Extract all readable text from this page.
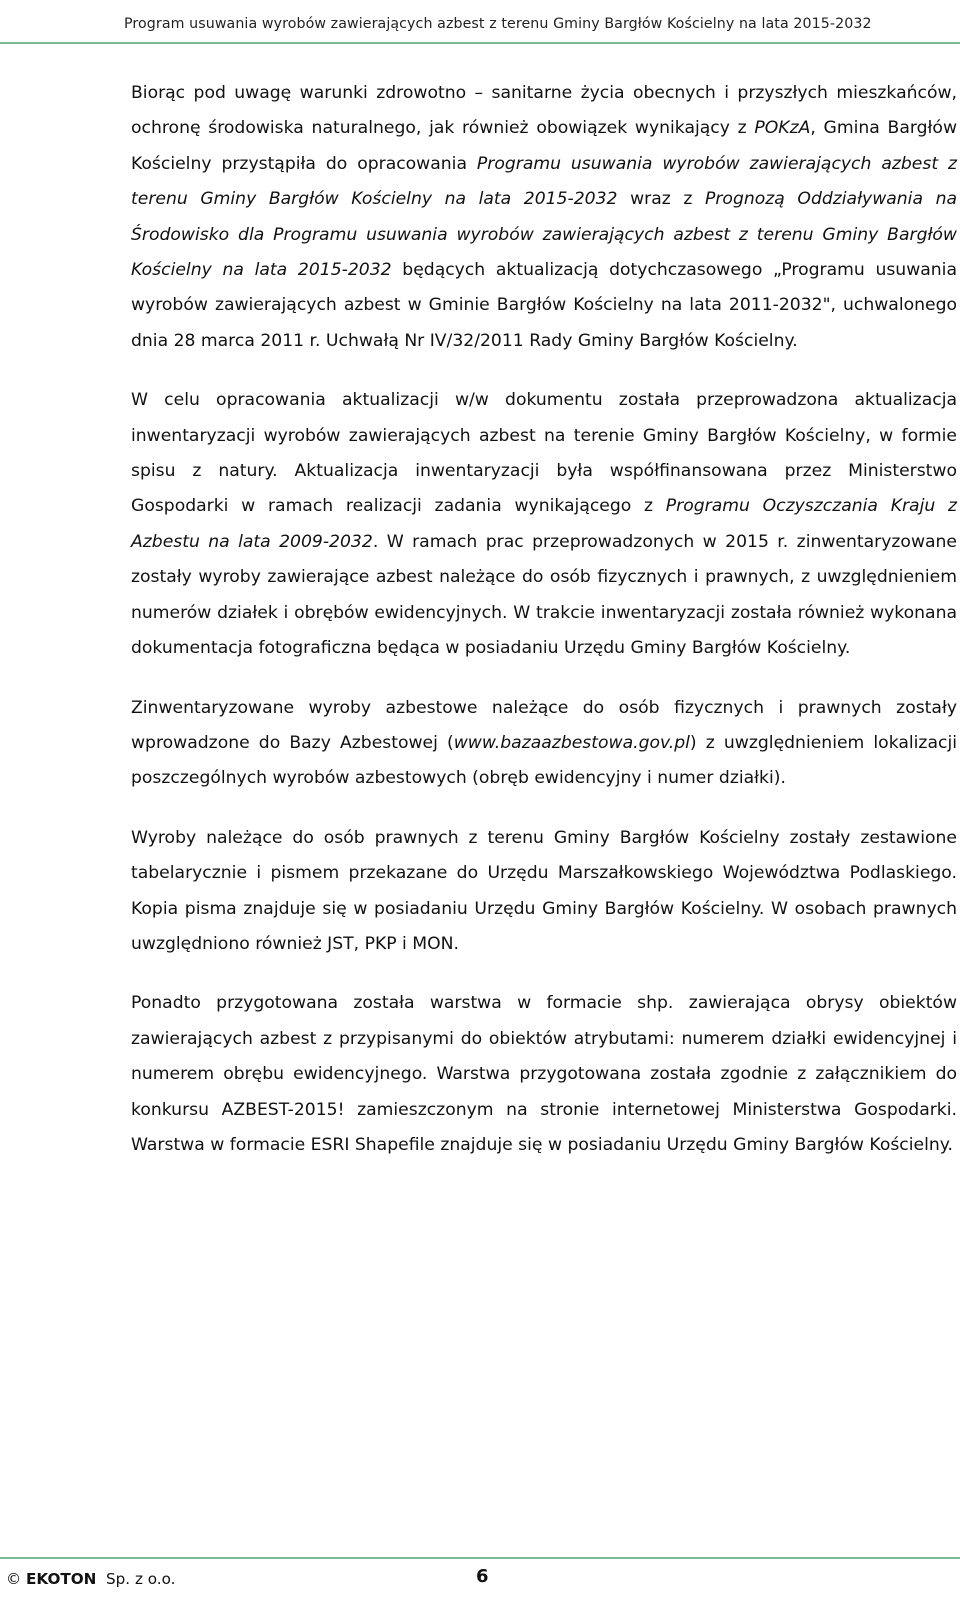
Program usuwania wyrobów zawierających azbest z terenu Gminy Bargłów Kościelny na lata 2015-2032

Biorąc pod uwagę warunki zdrowotno – sanitarne życia obecnych i przyszłych mieszkańców, ochronę środowiska naturalnego, jak również obowiązek wynikający z POKzA, Gmina Bargłów Kościelny przystąpiła do opracowania Programu usuwania wyrobów zawierających azbest z terenu Gminy Bargłów Kościelny na lata 2015-2032 wraz z Prognozą Oddziaływania na Środowisko dla Programu usuwania wyrobów zawierających azbest z terenu Gminy Bargłów Kościelny na lata 2015-2032 będących aktualizacją dotychczasowego „Programu usuwania wyrobów zawierających azbest w Gminie Bargłów Kościelny na lata 2011-2032", uchwalonego dnia 28 marca 2011 r. Uchwałą Nr IV/32/2011 Rady Gminy Bargłów Kościelny.

W celu opracowania aktualizacji w/w dokumentu została przeprowadzona aktualizacja inwentaryzacji wyrobów zawierających azbest na terenie Gminy Bargłów Kościelny, w formie spisu z natury. Aktualizacja inwentaryzacji była współfinansowana przez Ministerstwo Gospodarki w ramach realizacji zadania wynikającego z Programu Oczyszczania Kraju z Azbestu na lata 2009-2032. W ramach prac przeprowadzonych w 2015 r. zinwentaryzowane zostały wyroby zawierające azbest należące do osób fizycznych i prawnych, z uwzględnieniem numerów działek i obrębów ewidencyjnych. W trakcie inwentaryzacji została również wykonana dokumentacja fotograficzna będąca w posiadaniu Urzędu Gminy Bargłów Kościelny.

Zinwentaryzowane wyroby azbestowe należące do osób fizycznych i prawnych zostały wprowadzone do Bazy Azbestowej (www.bazaazbestowa.gov.pl) z uwzględnieniem lokalizacji poszczególnych wyrobów azbestowych (obręb ewidencyjny i numer działki).

Wyroby należące do osób prawnych z terenu Gminy Bargłów Kościelny zostały zestawione tabelarycznie i pismem przekazane do Urzędu Marszałkowskiego Województwa Podlaskiego. Kopia pisma znajduje się w posiadaniu Urzędu Gminy Bargłów Kościelny. W osobach prawnych uwzględniono również JST, PKP i MON.

Ponadto przygotowana została warstwa w formacie shp. zawierająca obrysy obiektów zawierających azbest z przypisanymi do obiektów atrybutami: numerem działki ewidencyjnej i numerem obrębu ewidencyjnego. Warstwa przygotowana została zgodnie z załącznikiem do konkursu AZBEST-2015! zamieszczonym na stronie internetowej Ministerstwa Gospodarki. Warstwa w formacie ESRI Shapefile znajduje się w posiadaniu Urzędu Gminy Bargłów Kościelny.

© EKOTON Sp. z o.o.	6
